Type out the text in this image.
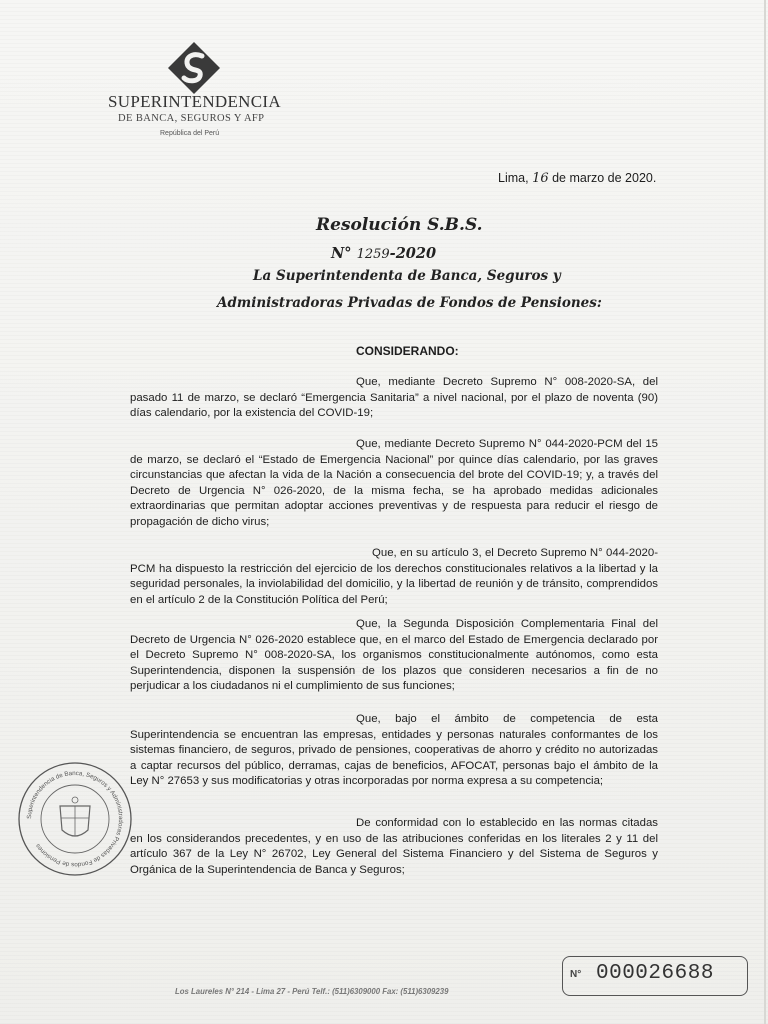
SUPERINTENDENCIA
DE BANCA, SEGUROS Y AFP
República del Perú
Lima, 16 de marzo de 2020.
Resolución S.B.S.
N° 1259-2020
La Superintendenta de Banca, Seguros y
Administradoras Privadas de Fondos de Pensiones:
CONSIDERANDO:

Que, mediante Decreto Supremo N° 008-2020-SA, del pasado 11 de marzo, se declaró “Emergencia Sanitaria” a nivel nacional, por el plazo de noventa (90) días calendario, por la existencia del COVID-19;

Que, mediante Decreto Supremo N° 044-2020-PCM del 15 de marzo, se declaró el “Estado de Emergencia Nacional” por quince días calendario, por las graves circunstancias que afectan la vida de la Nación a consecuencia del brote del COVID-19; y, a través del Decreto de Urgencia N° 026-2020, de la misma fecha, se ha aprobado medidas adicionales extraordinarias que permitan adoptar acciones preventivas y de respuesta para reducir el riesgo de propagación de dicho virus;

Que, en su artículo 3, el Decreto Supremo N° 044-2020-PCM ha dispuesto la restricción del ejercicio de los derechos constitucionales relativos a la libertad y la seguridad personales, la inviolabilidad del domicilio, y la libertad de reunión y de tránsito, comprendidos en el artículo 2 de la Constitución Política del Perú;

Que, la Segunda Disposición Complementaria Final del Decreto de Urgencia N° 026-2020 establece que, en el marco del Estado de Emergencia declarado por el Decreto Supremo N° 008-2020-SA, los organismos constitucionalmente autónomos, como esta Superintendencia, disponen la suspensión de los plazos que consideren necesarios a fin de no perjudicar a los ciudadanos ni el cumplimiento de sus funciones;

Que, bajo el ámbito de competencia de esta Superintendencia se encuentran las empresas, entidades y personas naturales conformantes de los sistemas financiero, de seguros, privado de pensiones, cooperativas de ahorro y crédito no autorizadas a captar recursos del público, derramas, cajas de beneficios, AFOCAT, personas bajo el ámbito de la Ley N° 27653 y sus modificatorias y otras incorporadas por norma expresa a su competencia;

De conformidad con lo establecido en las normas citadas en los considerandos precedentes, y en uso de las atribuciones conferidas en los literales 2 y 11 del artículo 367 de la Ley N° 26702, Ley General del Sistema Financiero y del Sistema de Seguros y Orgánica de la Superintendencia de Banca y Seguros;

Superintendencia de Banca, Seguros y Administradoras Privadas de Fondos de Pensiones
N° 000026688
Los Laureles N° 214 - Lima 27 - Perú Telf.: (511)6309000 Fax: (511)6309239
